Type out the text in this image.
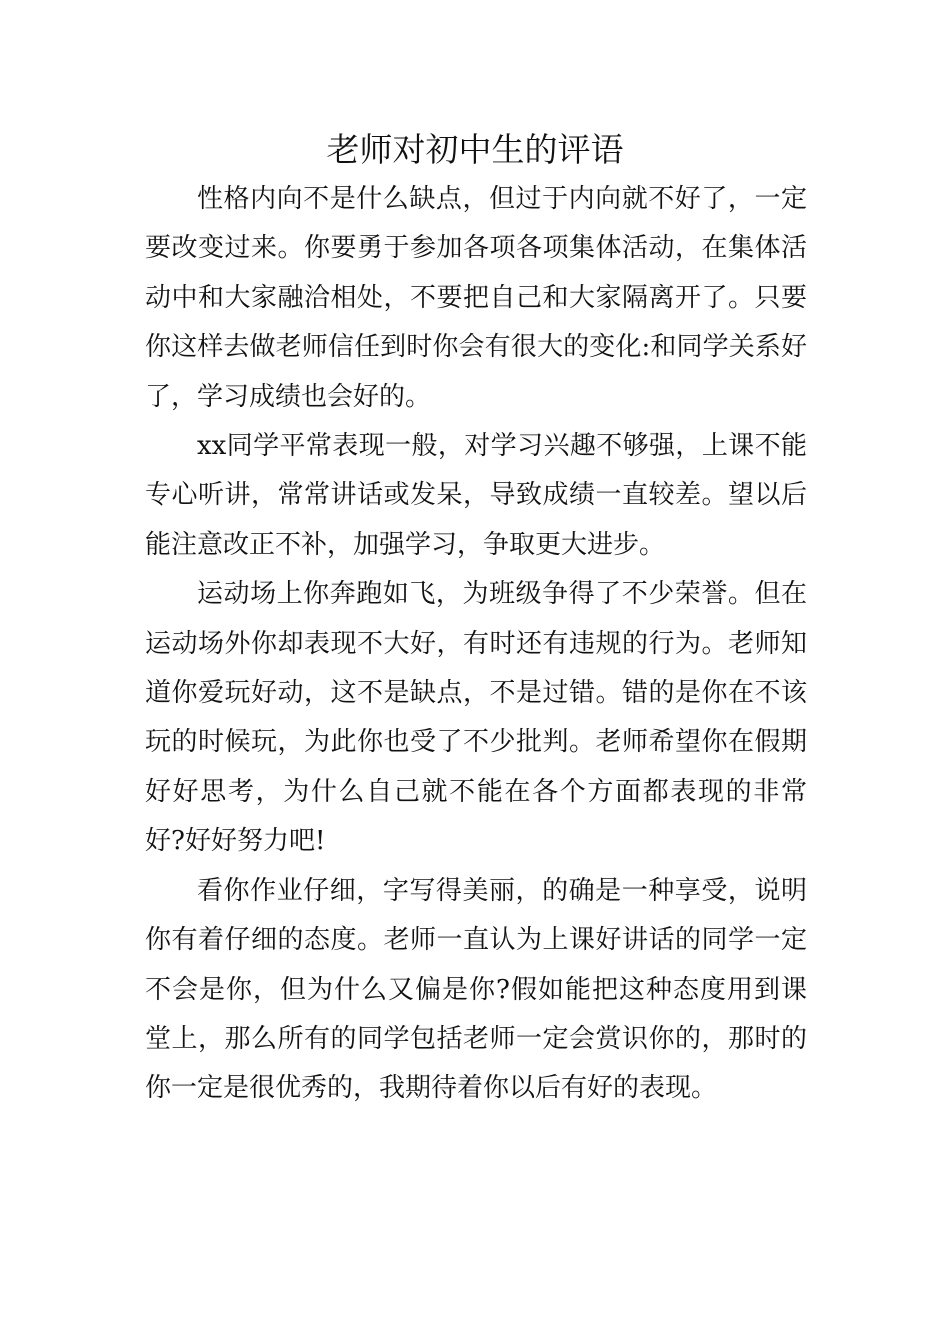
老师对初中生的评语

性格内向不是什么缺点，但过于内向就不好了，一定要改变过来。你要勇于参加各项各项集体活动，在集体活动中和大家融洽相处，不要把自己和大家隔离开了。只要你这样去做老师信任到时你会有很大的变化:和同学关系好了，学习成绩也会好的。

xx同学平常表现一般，对学习兴趣不够强，上课不能专心听讲，常常讲话或发呆，导致成绩一直较差。望以后能注意改正不补，加强学习，争取更大进步。

运动场上你奔跑如飞，为班级争得了不少荣誉。但在运动场外你却表现不大好，有时还有违规的行为。老师知道你爱玩好动，这不是缺点，不是过错。错的是你在不该玩的时候玩，为此你也受了不少批判。老师希望你在假期好好思考，为什么自己就不能在各个方面都表现的非常好?好好努力吧!

看你作业仔细，字写得美丽，的确是一种享受，说明你有着仔细的态度。老师一直认为上课好讲话的同学一定不会是你，但为什么又偏是你?假如能把这种态度用到课堂上，那么所有的同学包括老师一定会赏识你的，那时的你一定是很优秀的，我期待着你以后有好的表现。
